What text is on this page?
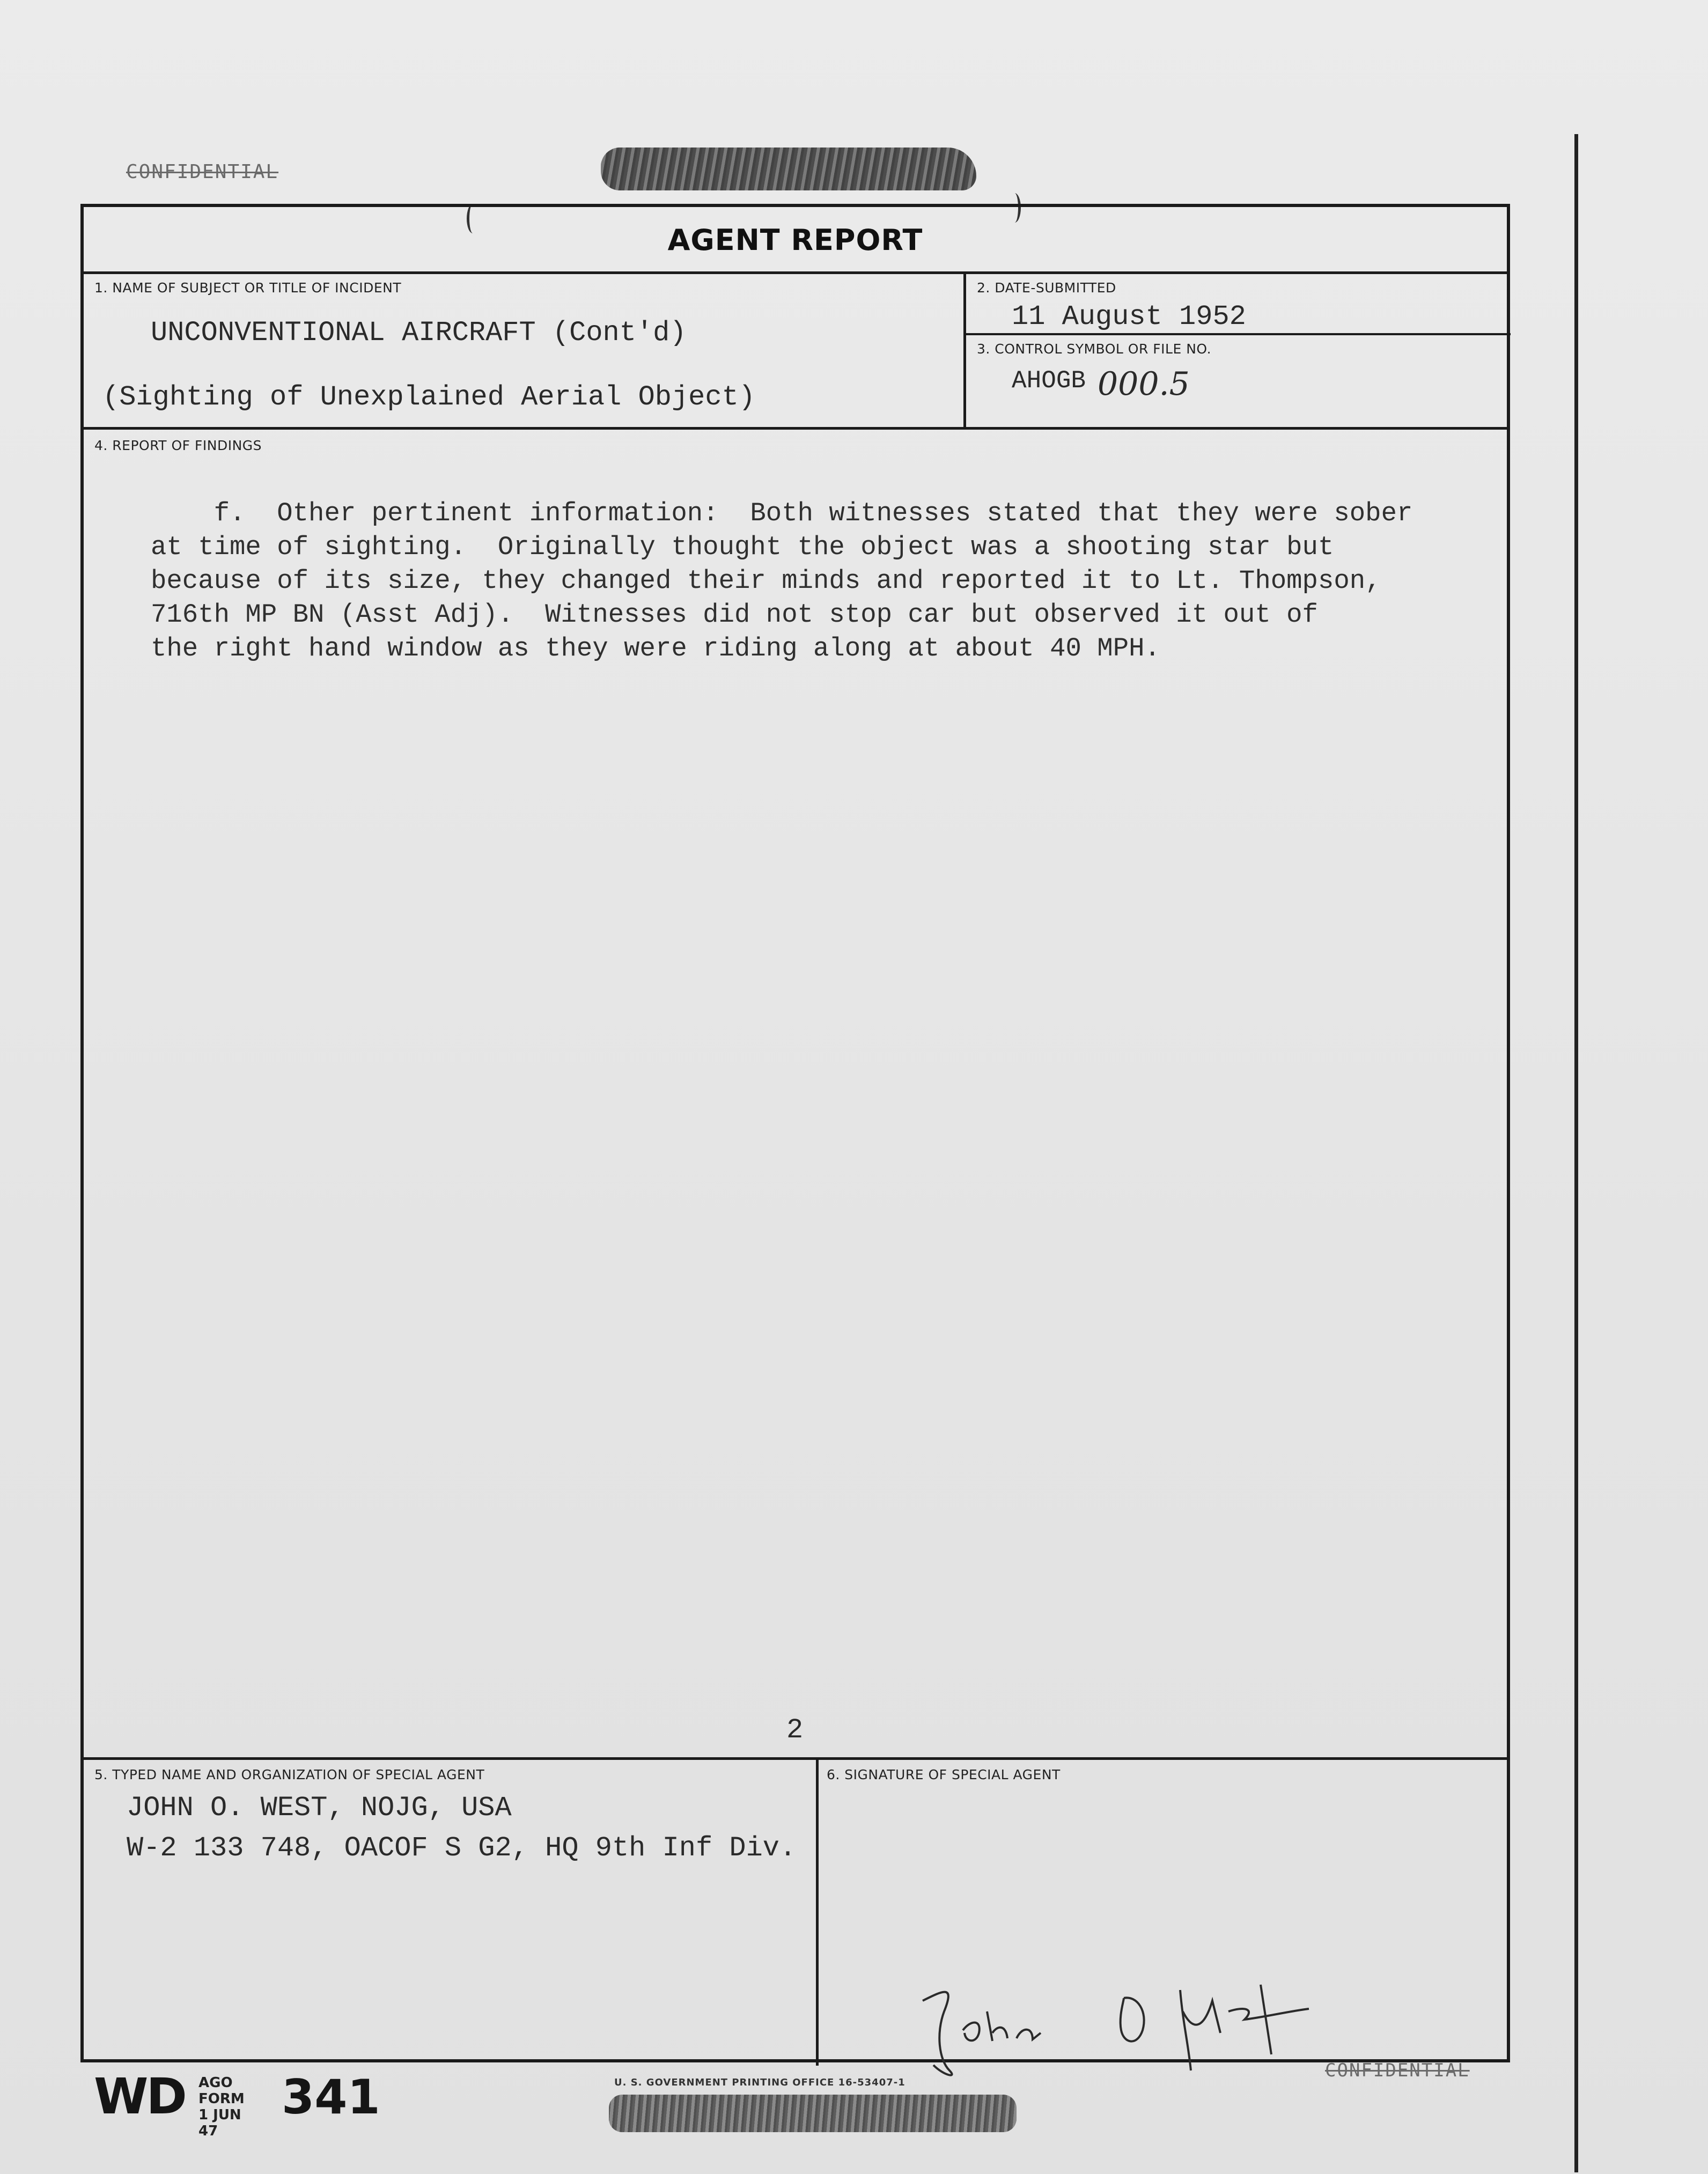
CONFIDENTIAL
AGENT REPORT
1. NAME OF SUBJECT OR TITLE OF INCIDENT
UNCONVENTIONAL AIRCRAFT (Cont'd)
(Sighting of Unexplained Aerial Object)
2. DATE-SUBMITTED
11 August 1952
3. CONTROL SYMBOL OR FILE NO.
AHOGB 000.5
4. REPORT OF FINDINGS
f.  Other pertinent information:  Both witnesses stated that they were sober
at time of sighting.  Originally thought the object was a shooting star but
because of its size, they changed their minds and reported it to Lt. Thompson,
716th MP BN (Asst Adj).  Witnesses did not stop car but observed it out of
the right hand window as they were riding along at about 40 MPH.
2
5. TYPED NAME AND ORGANIZATION OF SPECIAL AGENT
JOHN O. WEST, NOJG, USA
W-2 133 748, OACOF S G2, HQ 9th Inf Div.
6. SIGNATURE OF SPECIAL AGENT
CONFIDENTIAL
WD AGO FORM
1 JUN 47
341	U. S. GOVERNMENT PRINTING OFFICE 16-53407-1
